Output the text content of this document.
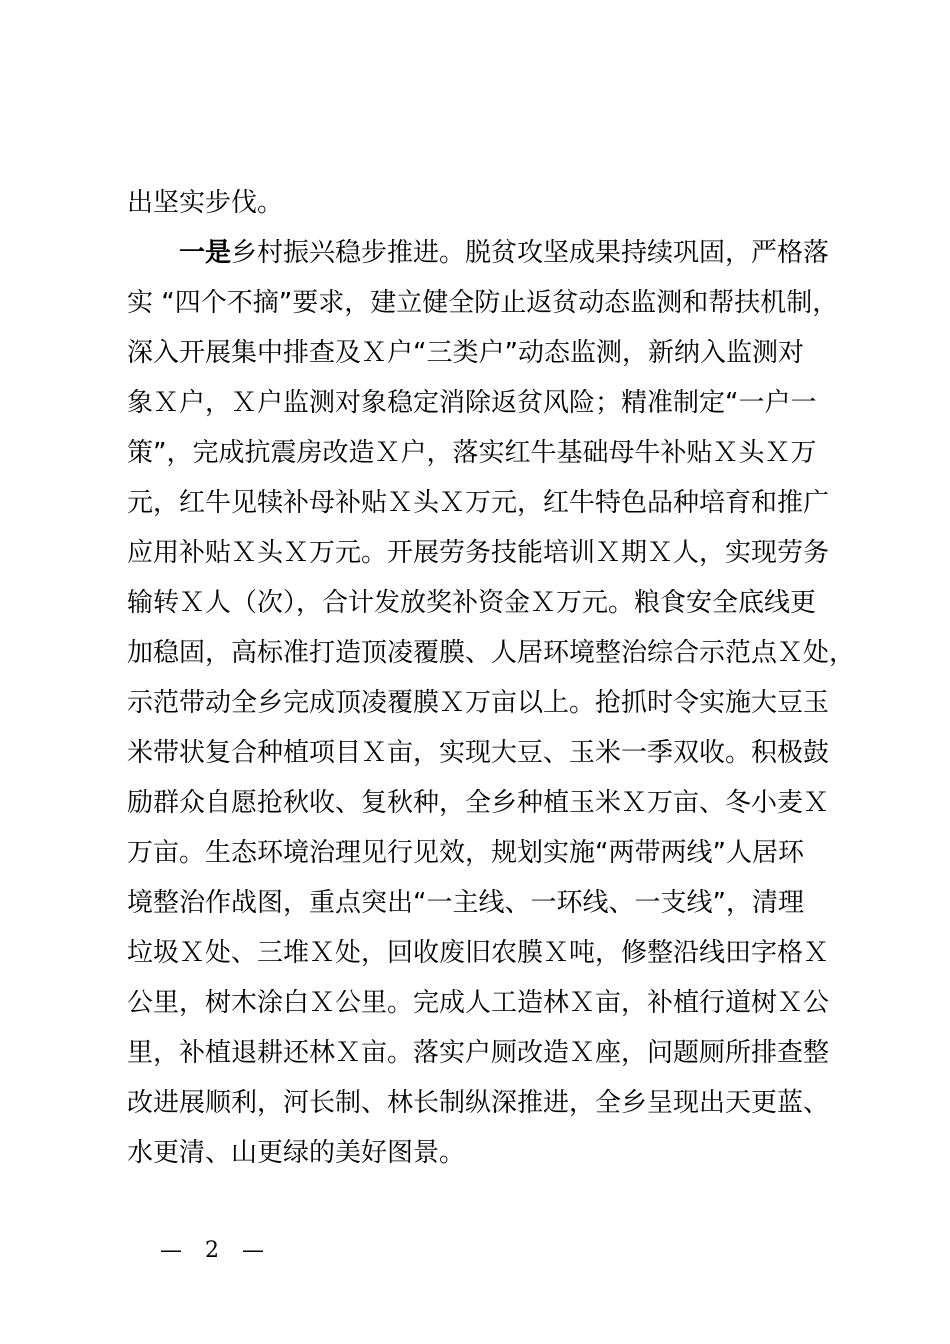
出坚实步伐。
一是乡村振兴稳步推进。脱贫攻坚成果持续巩固，严格落
实 “四个不摘”要求，建立健全防止返贫动态监测和帮扶机制，
深入开展集中排查及Ｘ户“三类户”动态监测，新纳入监测对
象Ｘ户，Ｘ户监测对象稳定消除返贫风险；精准制定“一户一
策”，完成抗震房改造Ｘ户，落实红牛基础母牛补贴Ｘ头Ｘ万
元，红牛见犊补母补贴Ｘ头Ｘ万元，红牛特色品种培育和推广
应用补贴Ｘ头Ｘ万元。开展劳务技能培训Ｘ期Ｘ人，实现劳务
输转Ｘ人（次），合计发放奖补资金Ｘ万元。粮食安全底线更
加稳固，高标准打造顶凌覆膜、人居环境整治综合示范点Ｘ处，
示范带动全乡完成顶凌覆膜Ｘ万亩以上。抢抓时令实施大豆玉
米带状复合种植项目Ｘ亩，实现大豆、玉米一季双收。积极鼓
励群众自愿抢秋收、复秋种，全乡种植玉米Ｘ万亩、冬小麦Ｘ
万亩。生态环境治理见行见效，规划实施“两带两线”人居环
境整治作战图，重点突出“一主线、一环线、一支线”，清理
垃圾Ｘ处、三堆Ｘ处，回收废旧农膜Ｘ吨，修整沿线田字格Ｘ
公里，树木涂白Ｘ公里。完成人工造林Ｘ亩，补植行道树Ｘ公
里，补植退耕还林Ｘ亩。落实户厕改造Ｘ座，问题厕所排查整
改进展顺利，河长制、林长制纵深推进，全乡呈现出天更蓝、
水更清、山更绿的美好图景。
— 2 —
